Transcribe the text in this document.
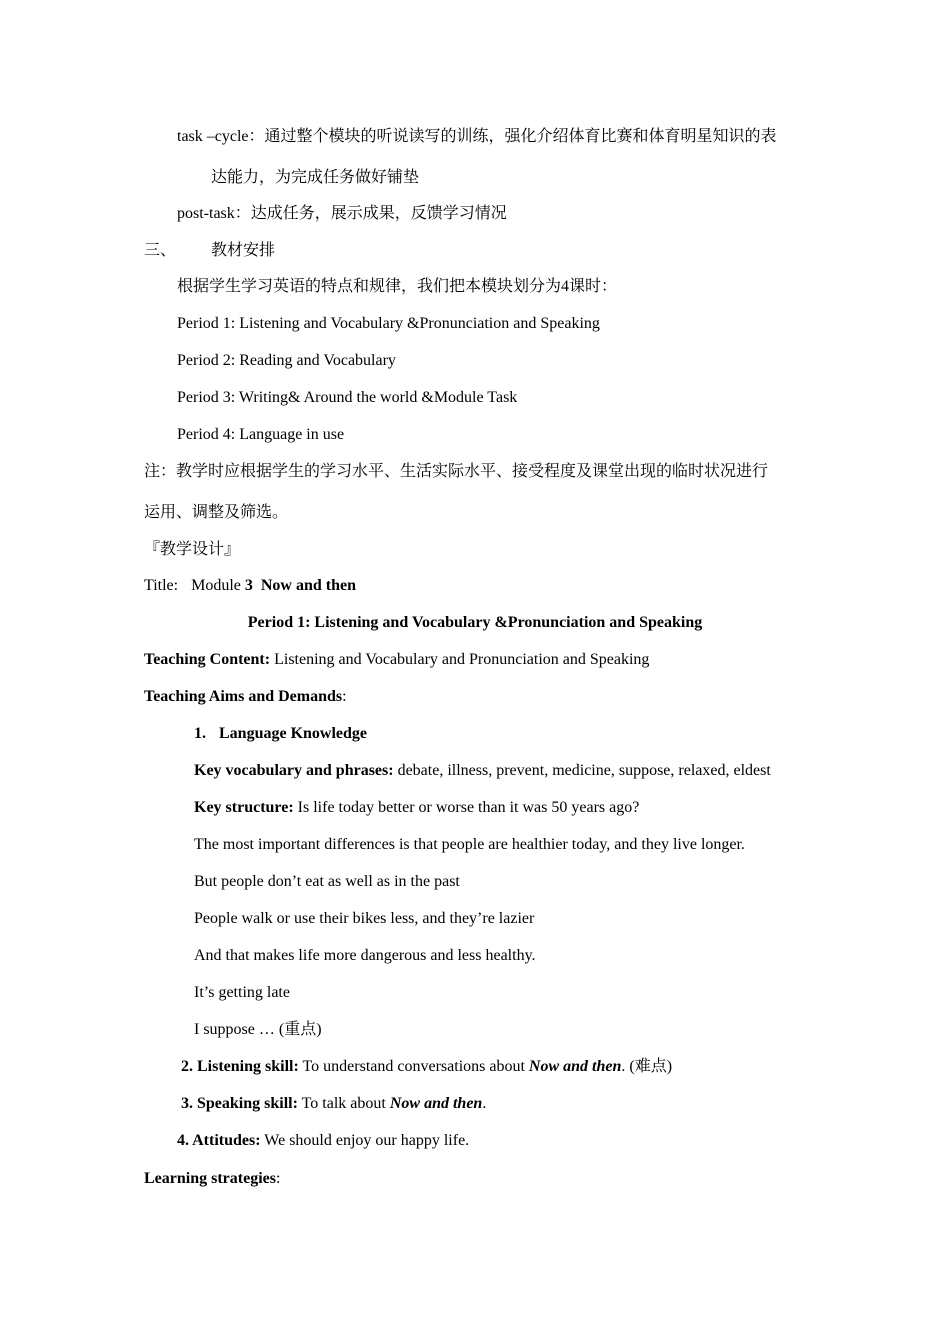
task –cycle：通过整个模块的听说读写的训练，强化介绍体育比赛和体育明星知识的表
达能力，为完成任务做好铺垫
post-task：达成任务，展示成果，反馈学习情况
三、 教材安排
根据学生学习英语的特点和规律，我们把本模块划分为4课时：
Period 1: Listening and Vocabulary &Pronunciation and Speaking
Period 2: Reading and Vocabulary
Period 3: Writing& Around the world &Module Task
Period 4: Language in use
注：教学时应根据学生的学习水平、生活实际水平、接受程度及课堂出现的临时状况进行
运用、调整及筛选。
『教学设计』
Title: Module 3 Now and then
Period 1: Listening and Vocabulary &Pronunciation and Speaking
Teaching Content: Listening and Vocabulary and Pronunciation and Speaking
Teaching Aims and Demands:
1. Language Knowledge
Key vocabulary and phrases: debate, illness, prevent, medicine, suppose, relaxed, eldest
Key structure: Is life today better or worse than it was 50 years ago?
The most important differences is that people are healthier today, and they live longer.
But people don’t eat as well as in the past
People walk or use their bikes less, and they’re lazier
And that makes life more dangerous and less healthy.
It’s getting late
I suppose … (重点)
2. Listening skill: To understand conversations about Now and then. (难点)
3. Speaking skill: To talk about Now and then.
4. Attitudes: We should enjoy our happy life.
Learning strategies:
